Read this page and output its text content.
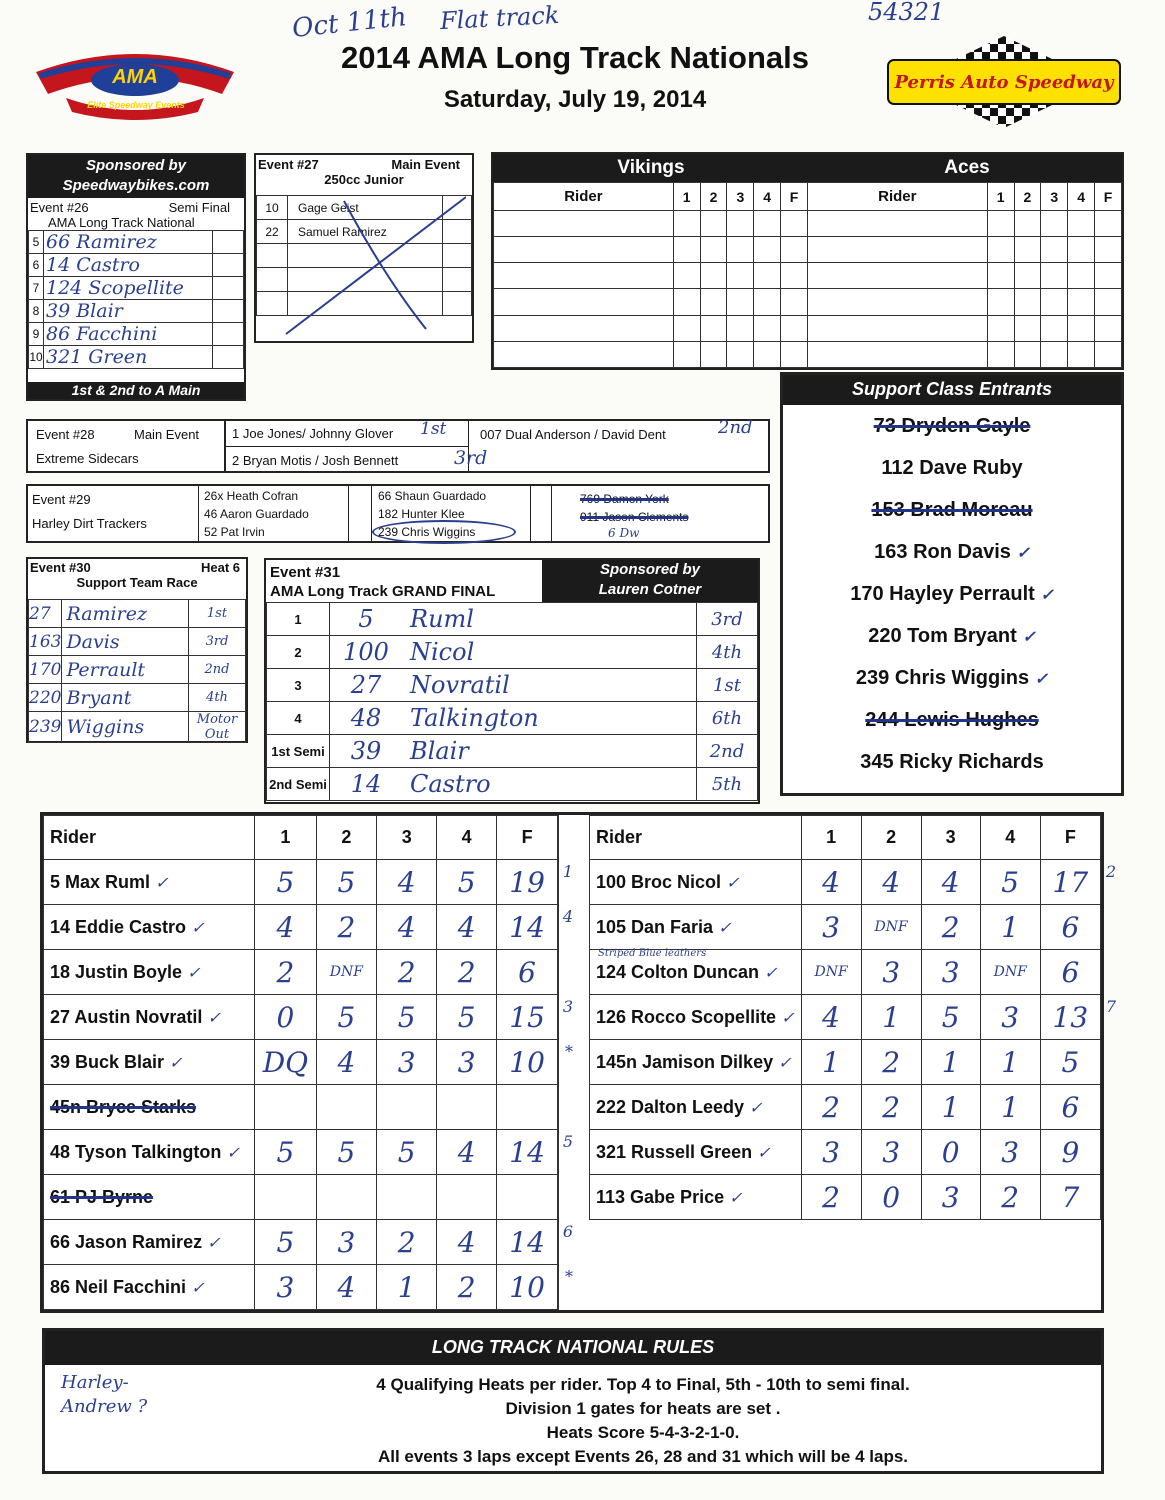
Oct 11th Flat track	54321
AMA
Elite Speedway Events
2014 AMA Long Track Nationals
Saturday, July 19, 2014
Perris Auto Speedway
Sponsored by
Speedwaybikes.com
Event #26	Semi Final
AMA Long Track National
5	66 Ramirez	
6	14 Castro	
7	124 Scopellite	
8	39 Blair	
9	86 Facchini	
10	321 Green	
1st & 2nd to A Main
Event #27	Main Event
250cc Junior
10	Gage Geist	
22	Samuel Ramirez	

Vikings	Aces
Rider	1	2	3	4	F	Rider	1	2	3	4	F

Support Class Entrants
73 Dryden Gayle
112 Dave Ruby
153 Brad Moreau
163 Ron Davis ✓
170 Hayley Perrault ✓
220 Tom Bryant ✓
239 Chris Wiggins ✓
244 Lewis Hughes
345 Ricky Richards
Event #28	Main Event
Extreme Sidecars
1 Joe Jones/ Johnny Glover 1st	007 Dual Anderson / David Dent	2nd
2 Bryan Motis / Josh Bennett	3rd
Event #29
Harley Dirt Trackers
26x Heath Cofran
46 Aaron Guardado
52 Pat Irvin
66 Shaun Guardado
182 Hunter Klee
239 Chris Wiggins
769 Damon York
911 Jason Clements
6 Dw
Event #30	Heat 6
Support Team Race
27	Ramirez	1st
163	Davis	3rd
170	Perrault	2nd
220	Bryant	4th
239	Wiggins	Motor Out
Event #31
AMA Long Track GRAND FINAL
Sponsored by
Lauren Cotner
1	5	Ruml	3rd
2	100	Nicol	4th
3	27	Novratil	1st
4	48	Talkington	6th
1st Semi	39	Blair	2nd
2nd Semi	14	Castro	5th
Rider	1	2	3	4	F
5 Max Ruml ✓	5	5	4	5	19 1

14 Eddie Castro ✓	4	2	4	4	14 4

18 Justin Boyle ✓	2	DNF	2	2	6
27 Austin Novratil ✓	0	5	5	5	15 3

39 Buck Blair ✓	DQ	4	3	3	10 *

45n Bryce Starks					
48 Tyson Talkington ✓	5	5	5	4	14 5

61 PJ Byrne					
66 Jason Ramirez ✓	5	3	2	4	14 6

86 Neil Facchini ✓	3	4	1	2	10 *
Rider	1	2	3	4	F
100 Broc Nicol ✓	4	4	4	5	17 2

105 Dan Faria ✓	3	DNF	2	1	6

Striped Blue leathers
124 Colton Duncan ✓	DNF	3	3	DNF	6
126 Rocco Scopellite ✓	4	1	5	3	13 7

145n Jamison Dilkey ✓	1	2	1	1	5
222 Dalton Leedy ✓	2	2	1	1	6
321 Russell Green ✓	3	3	0	3	9
113 Gabe Price ✓	2	0	3	2	7
LONG TRACK NATIONAL RULES
Harley- Andrew ?
4 Qualifying Heats per rider. Top 4 to Final, 5th - 10th to semi final.
Division 1 gates for heats are set .
Heats Score 5-4-3-2-1-0.
All events 3 laps except Events 26, 28 and 31 which will be 4 laps.
